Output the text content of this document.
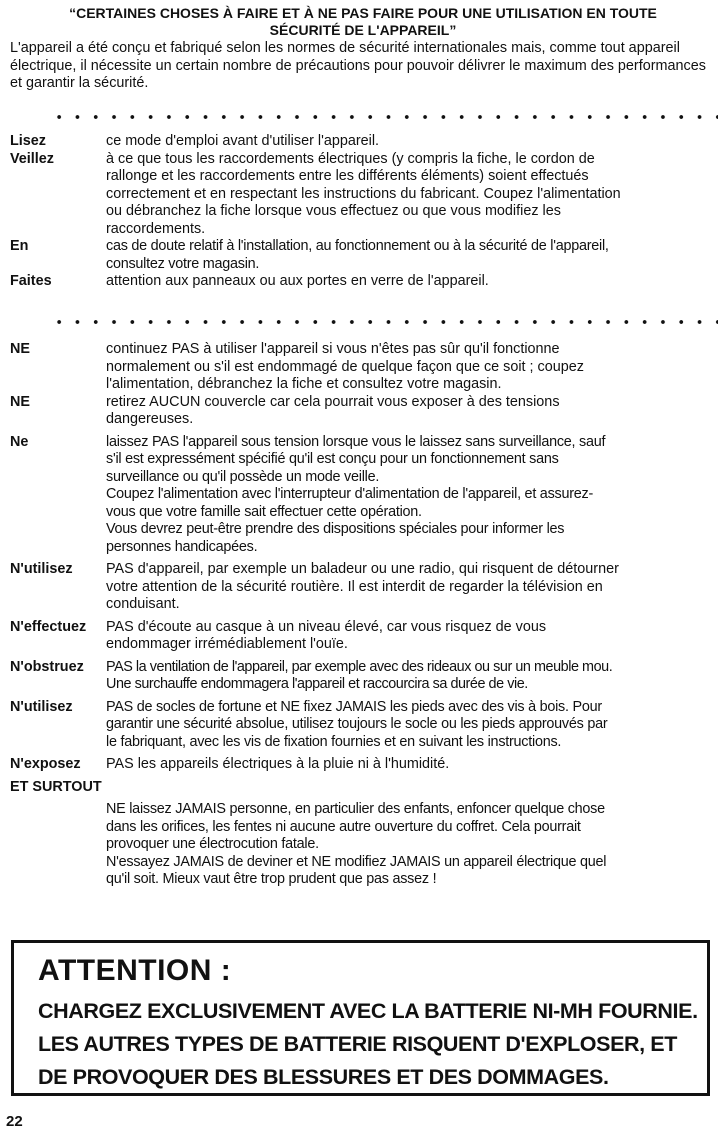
“CERTAINES CHOSES À FAIRE ET À NE PAS FAIRE POUR UNE UTILISATION EN TOUTE
SÉCURITÉ DE L'APPAREIL”
L'appareil a été conçu et fabriqué selon les normes de sécurité internationales mais, comme tout appareil électrique, il nécessite un certain nombre de précautions pour pouvoir délivrer le maximum des performances et garantir la sécurité.
Lisez	ce mode d'emploi avant d'utiliser l'appareil.
Veillez	à ce que tous les raccordements électriques (y compris la fiche, le cordon de
rallonge et les raccordements entre les différents éléments) soient effectués
correctement et en respectant les instructions du fabricant. Coupez l'alimentation
ou débranchez la fiche lorsque vous effectuez ou que vous modifiez les
raccordements.
En	cas de doute relatif à l'installation, au fonctionnement ou à la sécurité de l'appareil,
consultez votre magasin.
Faites	attention aux panneaux ou aux portes en verre de l'appareil.
NE	continuez PAS à utiliser l'appareil si vous n'êtes pas sûr qu'il fonctionne
normalement ou s'il est endommagé de quelque façon que ce soit ; coupez
l'alimentation, débranchez la fiche et consultez votre magasin.
NE	retirez AUCUN couvercle car cela pourrait vous exposer à des tensions
dangereuses.
Ne	laissez PAS l'appareil sous tension lorsque vous le laissez sans surveillance, sauf
s'il est expressément spécifié qu'il est conçu pour un fonctionnement sans
surveillance ou qu'il possède un mode veille.
Coupez l'alimentation avec l'interrupteur d'alimentation de l'appareil, et assurez-
vous que votre famille sait effectuer cette opération.
Vous devrez peut-être prendre des dispositions spéciales pour informer les
personnes handicapées.
N'utilisez	PAS d'appareil, par exemple un baladeur ou une radio, qui risquent de détourner
votre attention de la sécurité routière. Il est interdit de regarder la télévision en
conduisant.
N'effectuez	PAS d'écoute au casque à un niveau élevé, car vous risquez de vous
endommager irrémédiablement l'ouïe.
N'obstruez	PAS la ventilation de l'appareil, par exemple avec des rideaux ou sur un meuble mou.
Une surchauffe endommagera l'appareil et raccourcira sa durée de vie.
N'utilisez	PAS de socles de fortune et NE fixez JAMAIS les pieds avec des vis à bois. Pour
garantir une sécurité absolue, utilisez toujours le socle ou les pieds approuvés par
le fabriquant, avec les vis de fixation fournies et en suivant les instructions.
N'exposez	PAS les appareils électriques à la pluie ni à l'humidité.
ET SURTOUT
NE laissez JAMAIS personne, en particulier des enfants, enfoncer quelque chose
dans les orifices, les fentes ni aucune autre ouverture du coffret. Cela pourrait
provoquer une électrocution fatale.
N'essayez JAMAIS de deviner et NE modifiez JAMAIS un appareil électrique quel
qu'il soit. Mieux vaut être trop prudent que pas assez !
ATTENTION :
CHARGEZ EXCLUSIVEMENT AVEC LA BATTERIE NI-MH FOURNIE.
LES AUTRES TYPES DE BATTERIE RISQUENT D'EXPLOSER, ET
DE PROVOQUER DES BLESSURES ET DES DOMMAGES.
22
